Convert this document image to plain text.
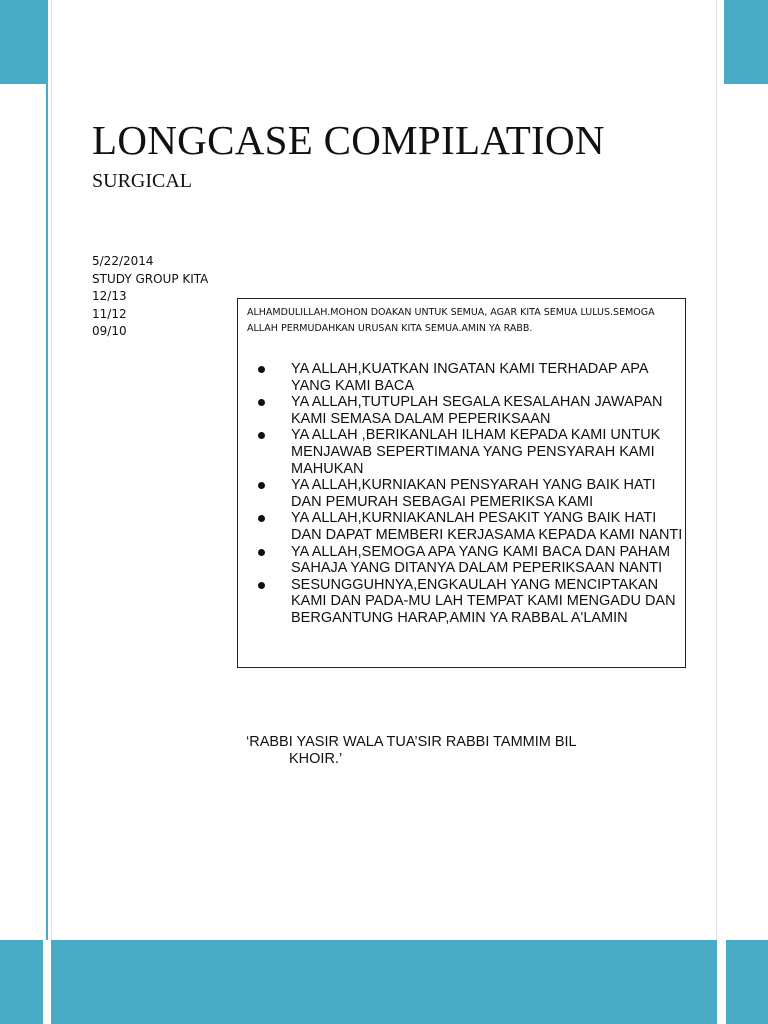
LONGCASE COMPILATION
SURGICAL
5/22/2014
STUDY GROUP KITA
12/13
11/12
09/10
ALHAMDULILLAH.MOHON DOAKAN UNTUK SEMUA, AGAR KITA SEMUA LULUS.SEMOGA ALLAH PERMUDAHKAN URUSAN KITA SEMUA.AMIN YA RABB.
YA ALLAH,KUATKAN INGATAN KAMI TERHADAP APA YANG KAMI BACA
YA ALLAH,TUTUPLAH SEGALA KESALAHAN JAWAPAN KAMI SEMASA DALAM PEPERIKSAAN
YA ALLAH ,BERIKANLAH ILHAM KEPADA KAMI UNTUK MENJAWAB SEPERTIMANA YANG PENSYARAH KAMI MAHUKAN
YA ALLAH,KURNIAKAN PENSYARAH YANG BAIK HATI DAN PEMURAH SEBAGAI PEMERIKSA KAMI
YA ALLAH,KURNIAKANLAH PESAKIT YANG BAIK HATI DAN DAPAT MEMBERI KERJASAMA KEPADA KAMI NANTI
YA ALLAH,SEMOGA APA YANG KAMI BACA DAN PAHAM SAHAJA YANG DITANYA DALAM PEPERIKSAAN NANTI
SESUNGGUHNYA,ENGKAULAH YANG MENCIPTAKAN KAMI DAN PADA-MU LAH TEMPAT KAMI MENGADU DAN BERGANTUNG HARAP,AMIN YA RABBAL A'LAMIN
‘RABBI YASIR WALA TUA’SIR RABBI TAMMIM BIL
KHOIR.’
